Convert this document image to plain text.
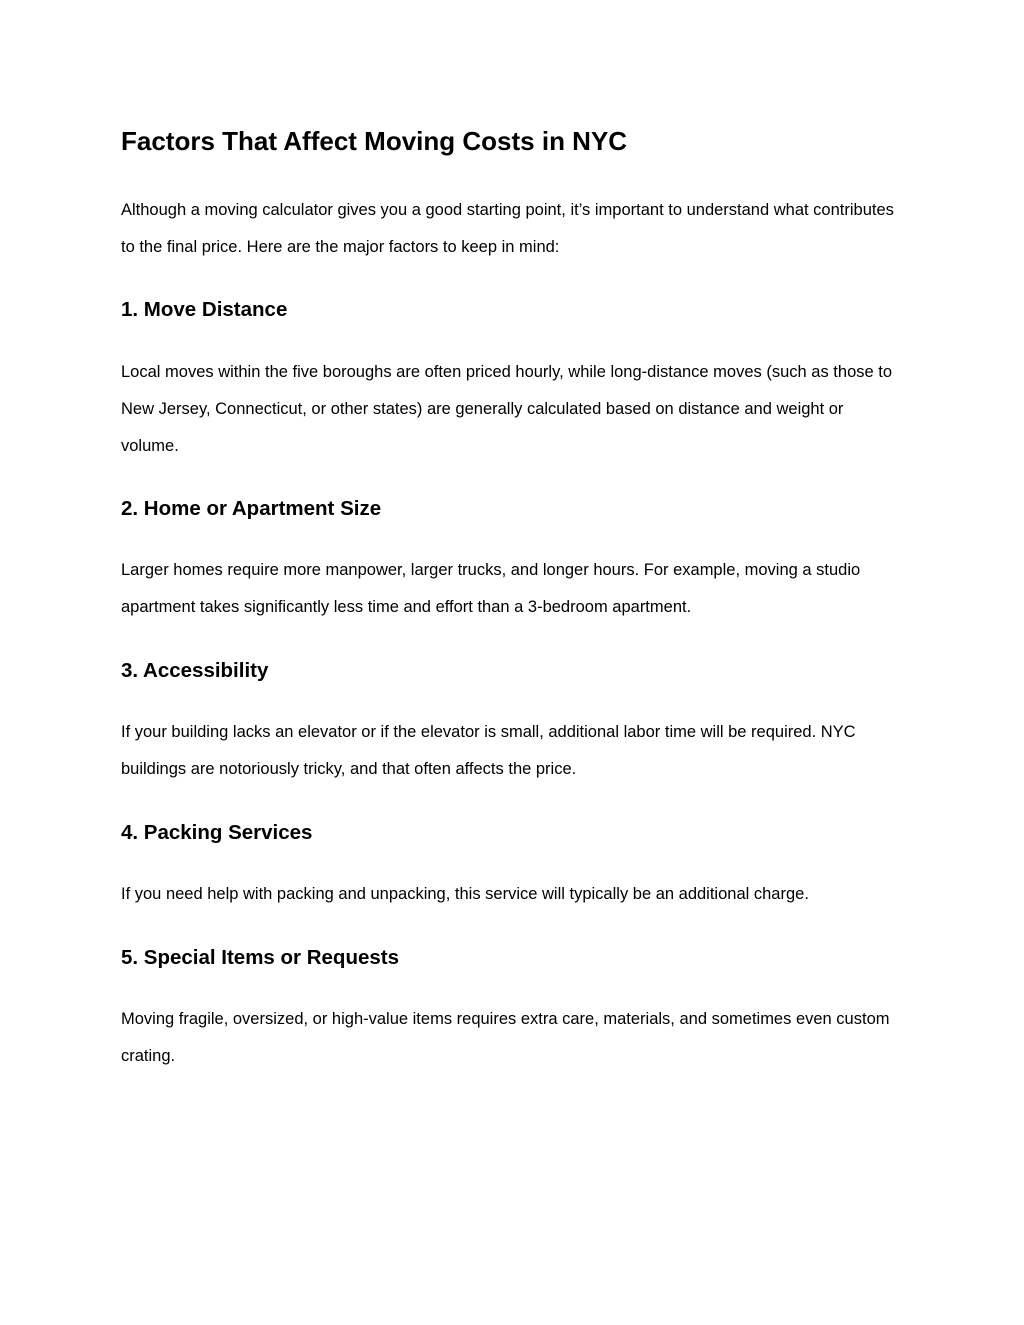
Factors That Affect Moving Costs in NYC

Although a moving calculator gives you a good starting point, it’s important to understand what contributes to the final price. Here are the major factors to keep in mind:

1. Move Distance

Local moves within the five boroughs are often priced hourly, while long-distance moves (such as those to New Jersey, Connecticut, or other states) are generally calculated based on distance and weight or volume.

2. Home or Apartment Size

Larger homes require more manpower, larger trucks, and longer hours. For example, moving a studio apartment takes significantly less time and effort than a 3-bedroom apartment.

3. Accessibility

If your building lacks an elevator or if the elevator is small, additional labor time will be required. NYC buildings are notoriously tricky, and that often affects the price.

4. Packing Services

If you need help with packing and unpacking, this service will typically be an additional charge.

5. Special Items or Requests

Moving fragile, oversized, or high-value items requires extra care, materials, and sometimes even custom crating.
